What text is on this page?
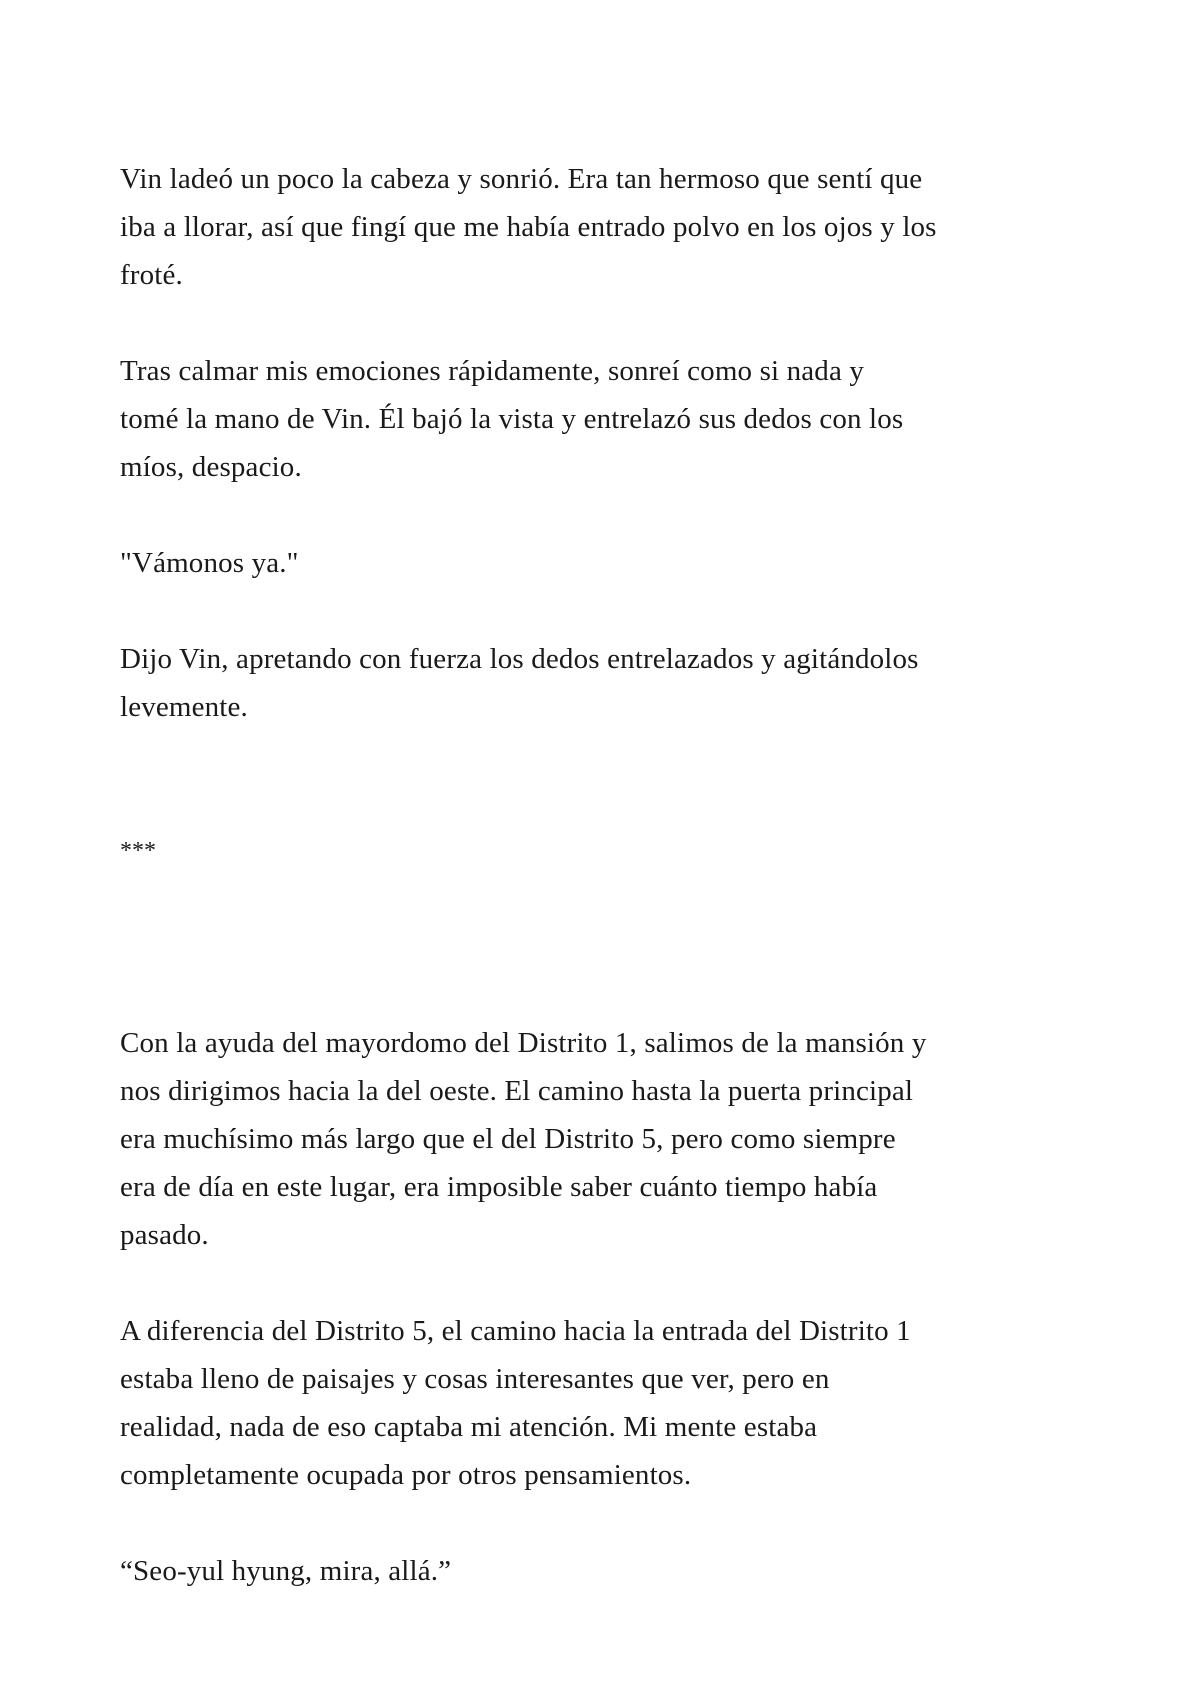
Vin ladeó un poco la cabeza y sonrió. Era tan hermoso que sentí que
iba a llorar, así que fingí que me había entrado polvo en los ojos y los
froté.

Tras calmar mis emociones rápidamente, sonreí como si nada y
tomé la mano de Vin. Él bajó la vista y entrelazó sus dedos con los
míos, despacio.

"Vámonos ya."

Dijo Vin, apretando con fuerza los dedos entrelazados y agitándolos
levemente.

***

Con la ayuda del mayordomo del Distrito 1, salimos de la mansión y
nos dirigimos hacia la del oeste. El camino hasta la puerta principal
era muchísimo más largo que el del Distrito 5, pero como siempre
era de día en este lugar, era imposible saber cuánto tiempo había
pasado.

A diferencia del Distrito 5, el camino hacia la entrada del Distrito 1
estaba lleno de paisajes y cosas interesantes que ver, pero en
realidad, nada de eso captaba mi atención. Mi mente estaba
completamente ocupada por otros pensamientos.

“Seo-yul hyung, mira, allá.”
